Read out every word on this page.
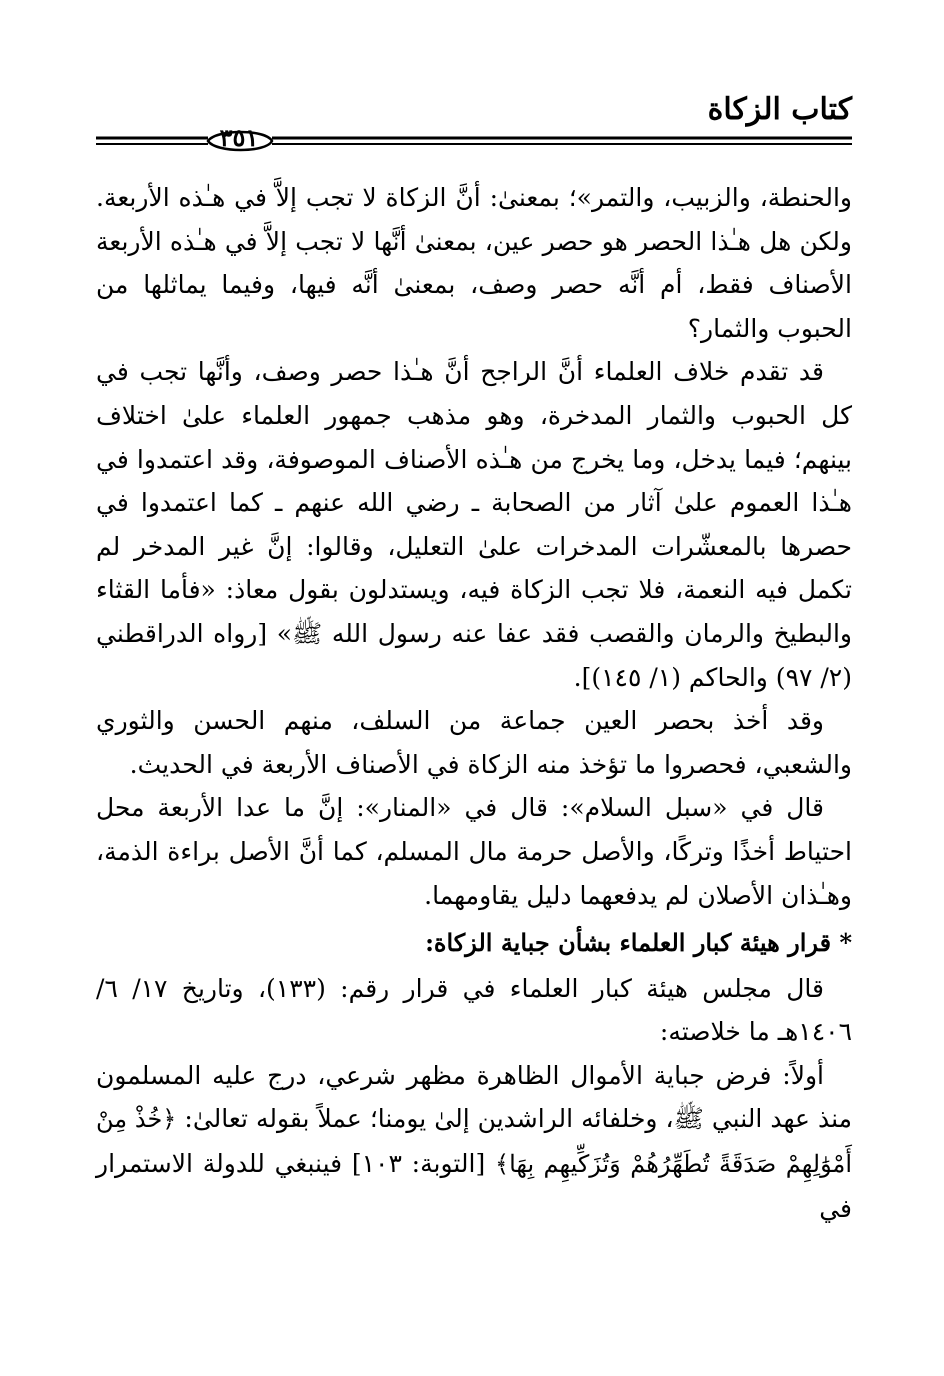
كتاب الزكاة
٣٥١

والحنطة، والزبيب، والتمر»؛ بمعنىٰ: أنَّ الزكاة لا تجب إلاَّ في هـٰذه الأربعة. ولكن هل هـٰذا الحصر هو حصر عين، بمعنىٰ أنَّها لا تجب إلاَّ في هـٰذه الأربعة الأصناف فقط، أم أنَّه حصر وصف، بمعنىٰ أنَّه فيها، وفيما يماثلها من الحبوب والثمار؟

قد تقدم خلاف العلماء أنَّ الراجح أنَّ هـٰذا حصر وصف، وأنَّها تجب في كل الحبوب والثمار المدخرة، وهو مذهب جمهور العلماء علىٰ اختلاف بينهم؛ فيما يدخل، وما يخرج من هـٰذه الأصناف الموصوفة، وقد اعتمدوا في هـٰذا العموم علىٰ آثار من الصحابة ـ رضي الله عنهم ـ كما اعتمدوا في حصرها بالمعشّرات المدخرات علىٰ التعليل، وقالوا: إنَّ غير المدخر لم تكمل فيه النعمة، فلا تجب الزكاة فيه، ويستدلون بقول معاذ: «فأما القثاء والبطيخ والرمان والقصب فقد عفا عنه رسول الله ﷺ» [رواه الدراقطني (٢/ ٩٧) والحاكم (١/ ١٤٥)].

وقد أخذ بحصر العين جماعة من السلف، منهم الحسن والثوري والشعبي، فحصروا ما تؤخذ منه الزكاة في الأصناف الأربعة في الحديث.

قال في «سبل السلام»: قال في «المنار»: إنَّ ما عدا الأربعة محل احتياط أخذًا وتركًا، والأصل حرمة مال المسلم، كما أنَّ الأصل براءة الذمة، وهـٰذان الأصلان لم يدفعهما دليل يقاومهما.

* قرار هيئة كبار العلماء بشأن جباية الزكاة:

قال مجلس هيئة كبار العلماء في قرار رقم: (١٣٣)، وتاريخ ١٧/ ٦/ ١٤٠٦هـ ما خلاصته:

أولاً: فرض جباية الأموال الظاهرة مظهر شرعي، درج عليه المسلمون منذ عهد النبي ﷺ، وخلفائه الراشدين إلىٰ يومنا؛ عملاً بقوله تعالىٰ: ﴿خُذْ مِنْ أَمْوَٰلِهِمْ صَدَقَةً تُطَهِّرُهُمْ وَتُزَكِّيهِم بِهَا﴾ [التوبة: ١٠٣] فينبغي للدولة الاستمرار في
